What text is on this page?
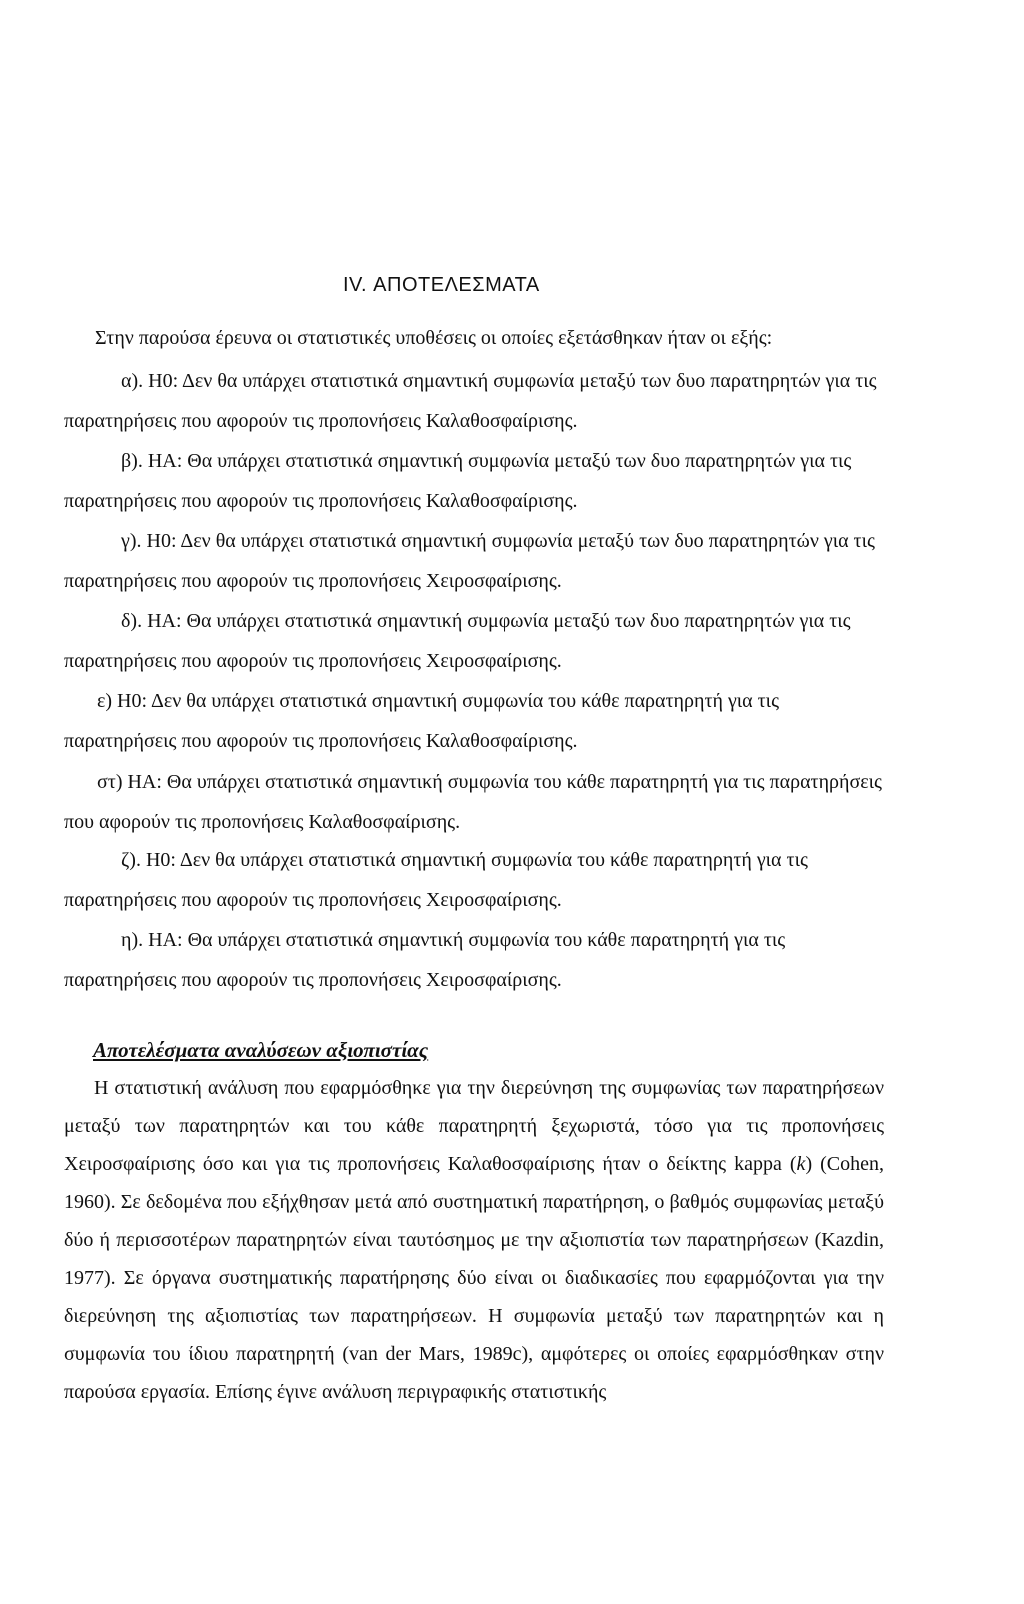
IV. ΑΠΟΤΕΛΕΣΜΑΤΑ
Στην παρούσα έρευνα οι στατιστικές υποθέσεις οι οποίες εξετάσθηκαν ήταν οι εξής:

α). Η0: Δεν θα υπάρχει στατιστικά σημαντική συμφωνία μεταξύ των δυο παρατηρητών για τις παρατηρήσεις που αφορούν τις προπονήσεις Καλαθοσφαίρισης.

β). ΗΑ: Θα υπάρχει στατιστικά σημαντική συμφωνία μεταξύ των δυο παρατηρητών για τις παρατηρήσεις που αφορούν τις προπονήσεις Καλαθοσφαίρισης.

γ). Η0: Δεν θα υπάρχει στατιστικά σημαντική συμφωνία μεταξύ των δυο παρατηρητών για τις παρατηρήσεις που αφορούν τις προπονήσεις Χειροσφαίρισης.

δ). ΗΑ: Θα υπάρχει στατιστικά σημαντική συμφωνία μεταξύ των δυο παρατηρητών για τις παρατηρήσεις που αφορούν τις προπονήσεις Χειροσφαίρισης.

ε) Η0: Δεν θα υπάρχει στατιστικά σημαντική συμφωνία του κάθε παρατηρητή για τις παρατηρήσεις που αφορούν τις προπονήσεις Καλαθοσφαίρισης.

στ) ΗΑ: Θα υπάρχει στατιστικά σημαντική συμφωνία του κάθε παρατηρητή για τις παρατηρήσεις που αφορούν τις προπονήσεις Καλαθοσφαίρισης.

ζ). Η0: Δεν θα υπάρχει στατιστικά σημαντική συμφωνία του κάθε παρατηρητή για τις παρατηρήσεις που αφορούν τις προπονήσεις Χειροσφαίρισης.

η). ΗΑ: Θα υπάρχει στατιστικά σημαντική συμφωνία του κάθε παρατηρητή για τις παρατηρήσεις που αφορούν τις προπονήσεις Χειροσφαίρισης.

Αποτελέσματα αναλύσεων αξιοπιστίας

Η στατιστική ανάλυση που εφαρμόσθηκε για την διερεύνηση της συμφωνίας των παρατηρήσεων μεταξύ των παρατηρητών και του κάθε παρατηρητή ξεχωριστά, τόσο για τις προπονήσεις Χειροσφαίρισης όσο και για τις προπονήσεις Καλαθοσφαίρισης ήταν ο δείκτης kappa (k) (Cohen, 1960). Σε δεδομένα που εξήχθησαν μετά από συστηματική παρατήρηση, ο βαθμός συμφωνίας μεταξύ δύο ή περισσοτέρων παρατηρητών είναι ταυτόσημος με την αξιοπιστία των παρατηρήσεων (Kazdin, 1977). Σε όργανα συστηματικής παρατήρησης δύο είναι οι διαδικασίες που εφαρμόζονται για την διερεύνηση της αξιοπιστίας των παρατηρήσεων. Η συμφωνία μεταξύ των παρατηρητών και η συμφωνία του ίδιου παρατηρητή (van der Mars, 1989c), αμφότερες οι οποίες εφαρμόσθηκαν στην παρούσα εργασία. Επίσης έγινε ανάλυση περιγραφικής στατιστικής
